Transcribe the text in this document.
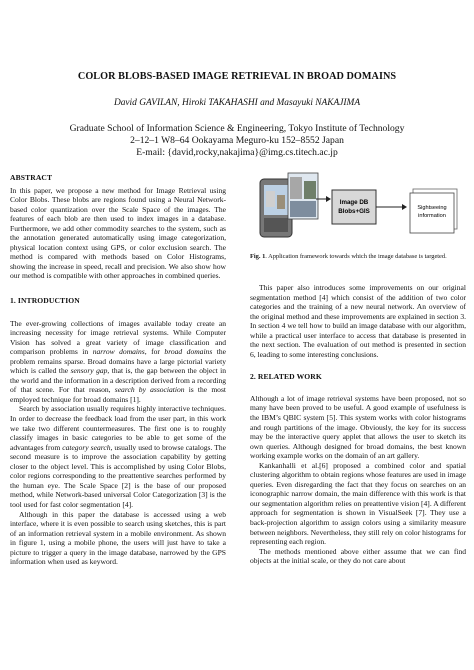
COLOR BLOBS-BASED IMAGE RETRIEVAL IN BROAD DOMAINS
David GAVILAN, Hiroki TAKAHASHI and Masayuki NAKAJIMA
Graduate School of Information Science & Engineering, Tokyo Institute of Technology
2–12–1 W8–64 Ookayama Meguro-ku 152–8552 Japan
E-mail: {david,rocky,nakajima}@img.cs.titech.ac.jp

ABSTRACT

In this paper, we propose a new method for Image Retrieval using Color Blobs. These blobs are regions found using a Neural Network-based color quantization over the Scale Space of the images. The features of each blob are then used to index images in a database. Furthermore, we add other commodity searches to the system, such as the annotation generated automatically using image categorization, physical location context using GPS, or color exclusion search. The method is compared with methods based on Color Histograms, showing the increase in speed, recall and precision. We also show how our method is compatible with other approaches in combined queries.

1. INTRODUCTION

The ever-growing collections of images available today create an increasing necessity for image retrieval systems. While Computer Vision has solved a great variety of image classification and comparison problems in narrow domains, for broad domains the problem remains sparse. Broad domains have a large pictorial variety which is called the sensory gap, that is, the gap between the object in the world and the information in a description derived from a recording of that scene. For that reason, search by association is the most employed technique for broad domains [1].

Search by association usually requires highly interactive techniques. In order to decrease the feedback load from the user part, in this work we take two different countermeasures. The first one is to roughly classify images in basic categories to be able to get some of the advantages from category search, usually used to browse catalogs. The second measure is to improve the association capability by getting closer to the object level. This is accomplished by using Color Blobs, color regions corresponding to the preattentive searches performed by the human eye. The Scale Space [2] is the base of our proposed method, while Network-based universal Color Categorization [3] is the tool used for fast color segmentation [4].

Although in this paper the database is accessed using a web interface, where it is even possible to search using sketches, this is part of an information retrieval system in a mobile environment. As shown in figure 1, using a mobile phone, the users will just have to take a picture to trigger a query in the image database, narrowed by the GPS information when used as keyword.

Image DB
Blobs+GIS	Sightseeing
information
Fig. 1. Application framework towards which the image database is targeted.

This paper also introduces some improvements on our original segmentation method [4] which consist of the addition of two color categories and the training of a new neural network. An overview of the original method and these improvements are explained in section 3. In section 4 we tell how to build an image database with our algorithm, while a practical user interface to access that database is presented in the next section. The evaluation of out method is presented in section 6, leading to some interesting conclusions.

2. RELATED WORK

Although a lot of image retrieval systems have been proposed, not so many have been proved to be useful. A good example of usefulness is the IBM’s QBIC system [5]. This system works with color histograms and rough partitions of the image. Obviously, the key for its success may be the interactive query applet that allows the user to sketch its own queries. Although designed for broad domains, the best known working example works on the domain of an art gallery.

Kankanhalli et al.[6] proposed a combined color and spatial clustering algorithm to obtain regions whose features are used in image queries. Even disregarding the fact that they focus on searches on an iconographic narrow domain, the main difference with this work is that our segmentation algorithm relies on preattentive vision [4]. A different approach for segmentation is shown in VisualSeek [7]. They use a back-projection algorithm to assign colors using a similarity measure between neighbors. Nevertheless, they still rely on color histograms for representing each region.

The methods mentioned above either assume that we can find objects at the initial scale, or they do not care about
